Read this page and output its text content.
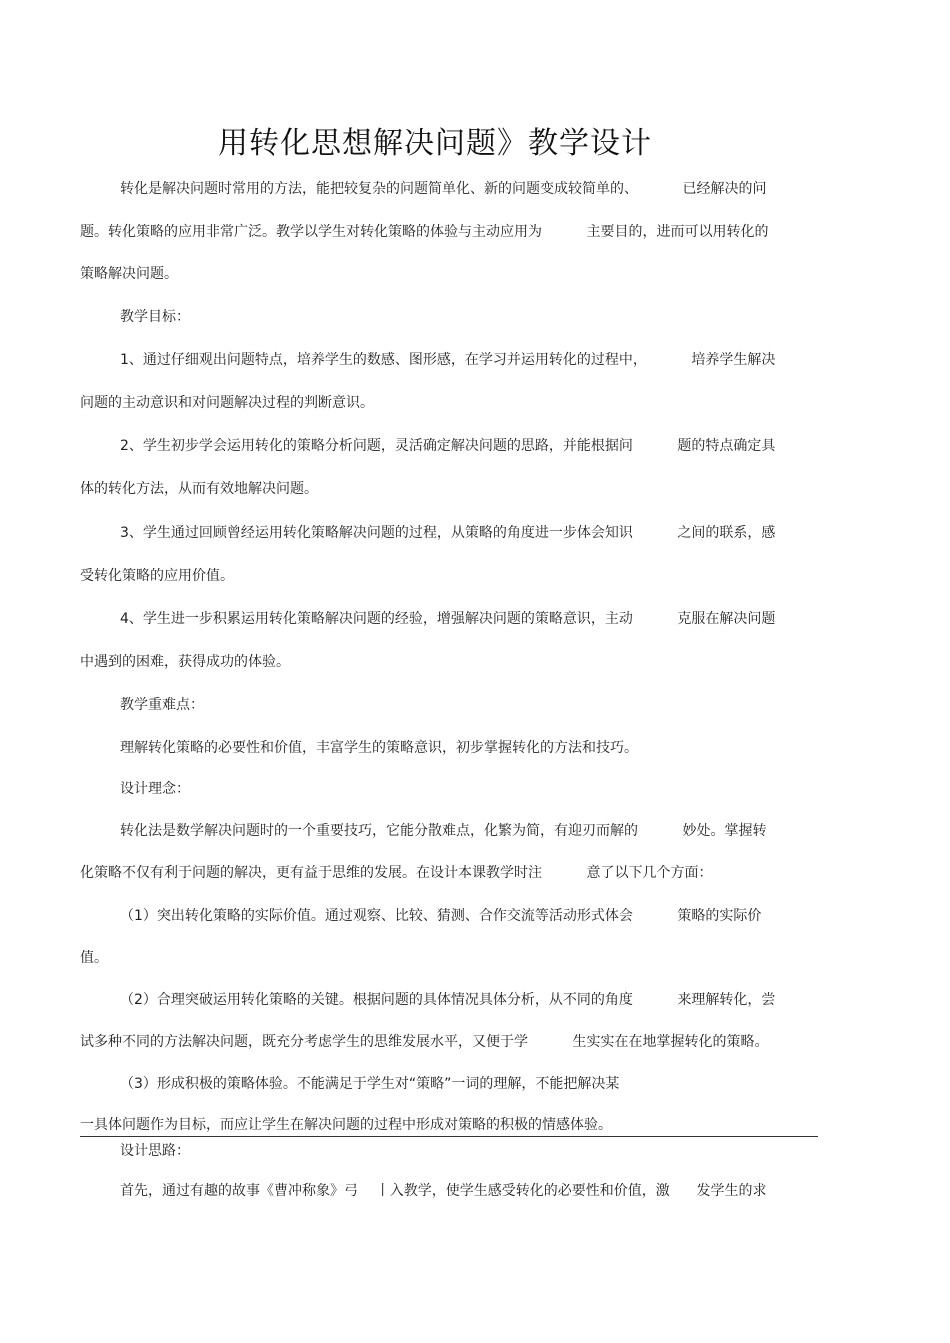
用转化思想解决问题》教学设计
转化是解决问题时常用的方法，能把较复杂的问题简单化、新的问题变成较简单的、          已经解决的问
题。转化策略的应用非常广泛。教学以学生对转化策略的体验与主动应用为          主要目的，进而可以用转化的
策略解决问题。
教学目标：
1、通过仔细观出问题特点，培养学生的数感、图形感，在学习并运用转化的过程中，          培养学生解决
问题的主动意识和对问题解决过程的判断意识。
2、学生初步学会运用转化的策略分析问题，灵活确定解决问题的思路，并能根据问          题的特点确定具
体的转化方法，从而有效地解决问题。
3、学生通过回顾曾经运用转化策略解决问题的过程，从策略的角度进一步体会知识          之间的联系，感
受转化策略的应用价值。
4、学生进一步积累运用转化策略解决问题的经验，增强解决问题的策略意识，主动          克服在解决问题
中遇到的困难，获得成功的体验。
教学重难点：
理解转化策略的必要性和价值，丰富学生的策略意识，初步掌握转化的方法和技巧。
设计理念：
转化法是数学解决问题时的一个重要技巧，它能分散难点，化繁为简，有迎刃而解的          妙处。掌握转
化策略不仅有利于问题的解决，更有益于思维的发展。在设计本课教学时注          意了以下几个方面：
（1）突出转化策略的实际价值。通过观察、比较、猜测、合作交流等活动形式体会          策略的实际价
值。
（2）合理突破运用转化策略的关键。根据问题的具体情况具体分析，从不同的角度          来理解转化，尝
试多种不同的方法解决问题，既充分考虑学生的思维发展水平，又便于学          生实实在在地掌握转化的策略。
（3）形成积极的策略体验。不能满足于学生对“策略”一词的理解，不能把解决某
一具体问题作为目标，而应让学生在解决问题的过程中形成对策略的积极的情感体验。
设计思路：
首先，通过有趣的故事《曹冲称象》弓    丨入教学，使学生感受转化的必要性和价值，激      发学生的求
